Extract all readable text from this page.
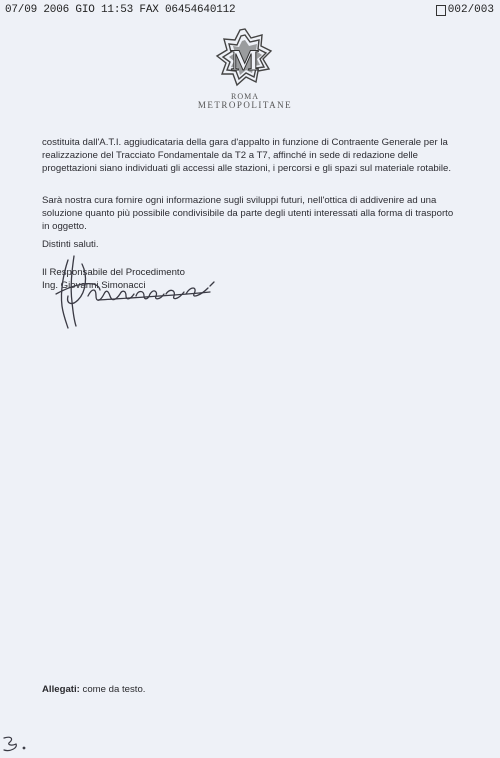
07/09 2006 GIO 11:53 FAX 06454640112	002/003
M
ROMA
METROPOLITANE
costituita dall'A.T.I. aggiudicataria della gara d'appalto in funzione di Contraente Generale per la realizzazione del Tracciato Fondamentale da T2 a T7, affinché in sede di redazione delle progettazioni siano individuati gli accessi alle stazioni, i percorsi e gli spazi sul materiale rotabile.
Sarà nostra cura fornire ogni informazione sugli sviluppi futuri, nell'ottica di addivenire ad una soluzione quanto più possibile condivisibile da parte degli utenti interessati alla forma di trasporto in oggetto.
Distinti saluti.
Il Responsabile del Procedimento
Ing. Giovanni Simonacci
Allegati: come da testo.
